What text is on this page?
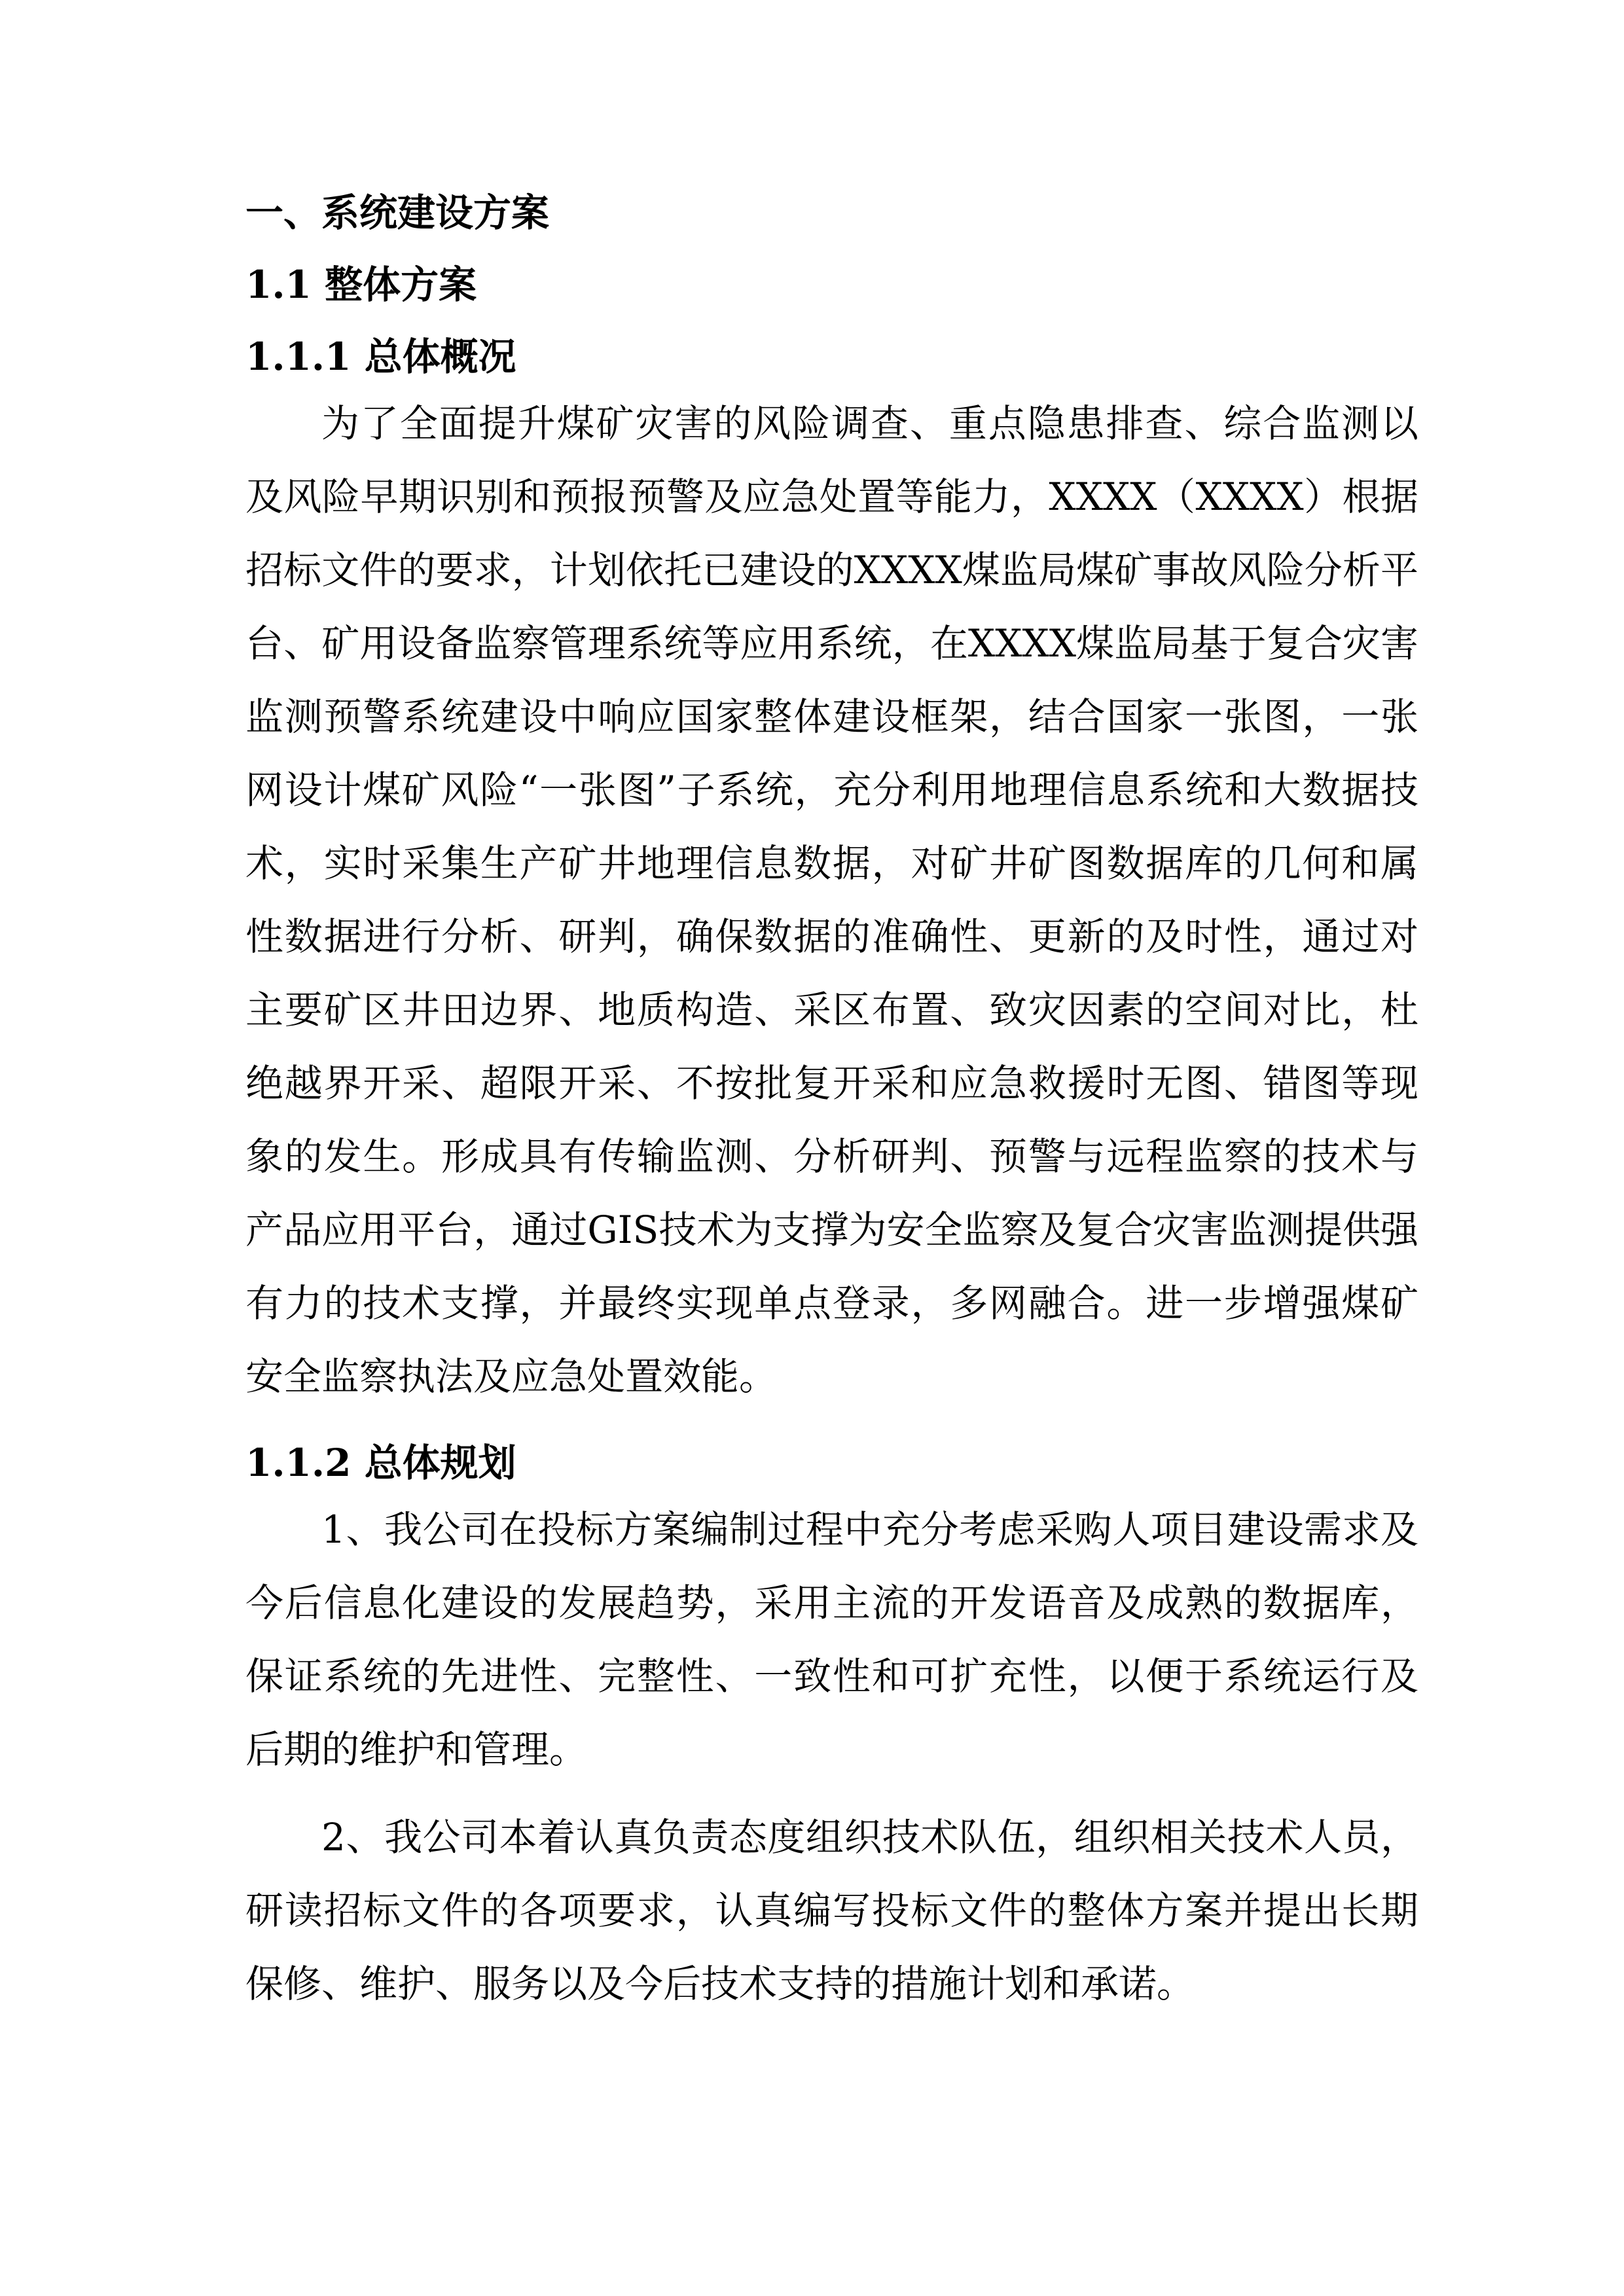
一、系统建设方案
1.1 整体方案
1.1.1 总体概况

为了全面提升煤矿灾害的风险调查、重点隐患排查、综合监测以及风险早期识别和预报预警及应急处置等能力，XXXX（XXXX）根据招标文件的要求，计划依托已建设的XXXX煤监局煤矿事故风险分析平台、矿用设备监察管理系统等应用系统，在XXXX煤监局基于复合灾害监测预警系统建设中响应国家整体建设框架，结合国家一张图，一张网设计煤矿风险“一张图”子系统，充分利用地理信息系统和大数据技术，实时采集生产矿井地理信息数据，对矿井矿图数据库的几何和属性数据进行分析、研判，确保数据的准确性、更新的及时性，通过对主要矿区井田边界、地质构造、采区布置、致灾因素的空间对比，杜绝越界开采、超限开采、不按批复开采和应急救援时无图、错图等现象的发生。形成具有传输监测、分析研判、预警与远程监察的技术与产品应用平台，通过GIS技术为支撑为安全监察及复合灾害监测提供强有力的技术支撑，并最终实现单点登录，多网融合。进一步增强煤矿安全监察执法及应急处置效能。

1.1.2 总体规划

1、我公司在投标方案编制过程中充分考虑采购人项目建设需求及今后信息化建设的发展趋势，采用主流的开发语音及成熟的数据库，保证系统的先进性、完整性、一致性和可扩充性，以便于系统运行及后期的维护和管理。

2、我公司本着认真负责态度组织技术队伍，组织相关技术人员，研读招标文件的各项要求，认真编写投标文件的整体方案并提出长期保修、维护、服务以及今后技术支持的措施计划和承诺。
